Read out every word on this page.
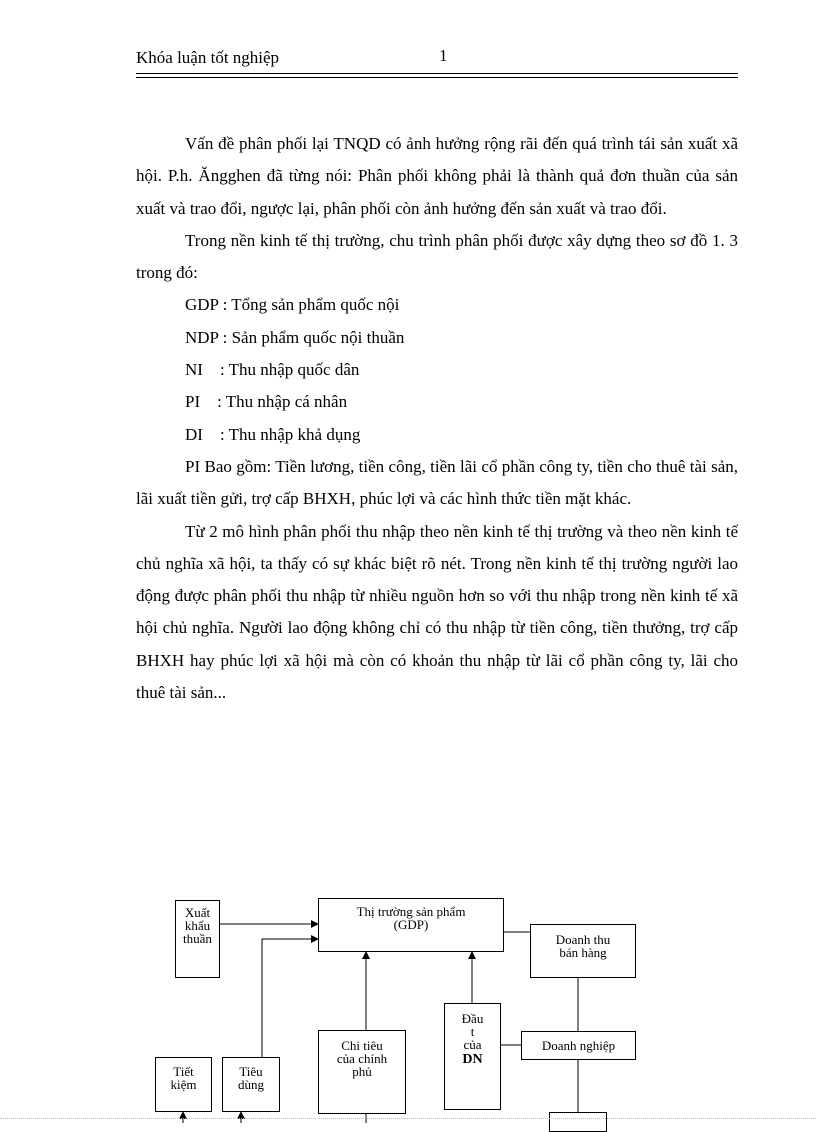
Khóa luận tốt nghiệp	1

Vấn đề phân phối lại TNQD có ảnh hưởng rộng rãi đến quá trình tái sản xuất xã hội. P.h. Ăngghen đã từng nói: Phân phối không phải là thành quả đơn thuần của sản xuất và trao đổi, ngược lại, phân phối còn ảnh hưởng đến sản xuất và trao đổi.

Trong nền kinh tế thị trường, chu trình phân phối được xây dựng theo sơ đồ 1. 3 trong đó:

GDP : Tổng sản phẩm quốc nội

NDP : Sản phẩm quốc nội thuần

NI    : Thu nhập quốc dân

PI    : Thu nhập cá nhân

DI    : Thu nhập khả dụng

PI Bao gồm: Tiền lương, tiền công, tiền lãi cổ phần công ty, tiền cho thuê tài sản, lãi xuất tiền gửi, trợ cấp BHXH, phúc lợi và các hình thức tiền mặt khác.

Từ 2 mô hình phân phối thu nhập theo nền kinh tế thị trường và theo nền kinh tế chủ nghĩa xã hội, ta thấy có sự khác biệt rõ nét. Trong nền kinh tế thị trường người lao động được phân phối thu nhập từ nhiều nguồn hơn so với thu nhập trong nền kinh tế xã hội chủ nghĩa. Người lao động không chỉ có thu nhập từ tiền công, tiền thưởng, trợ cấp BHXH hay phúc lợi xã hội mà còn có khoản thu nhập từ lãi cổ phần công ty, lãi cho thuê tài sản...

Xuất
khẩu
thuần
Thị trường sản phẩm
(GDP)
Doanh thu
bán hàng
Chi tiêu
của chính
phủ
Đầu
t
của
DN
Doanh nghiệp
Tiết
kiệm
Tiêu
dùng
